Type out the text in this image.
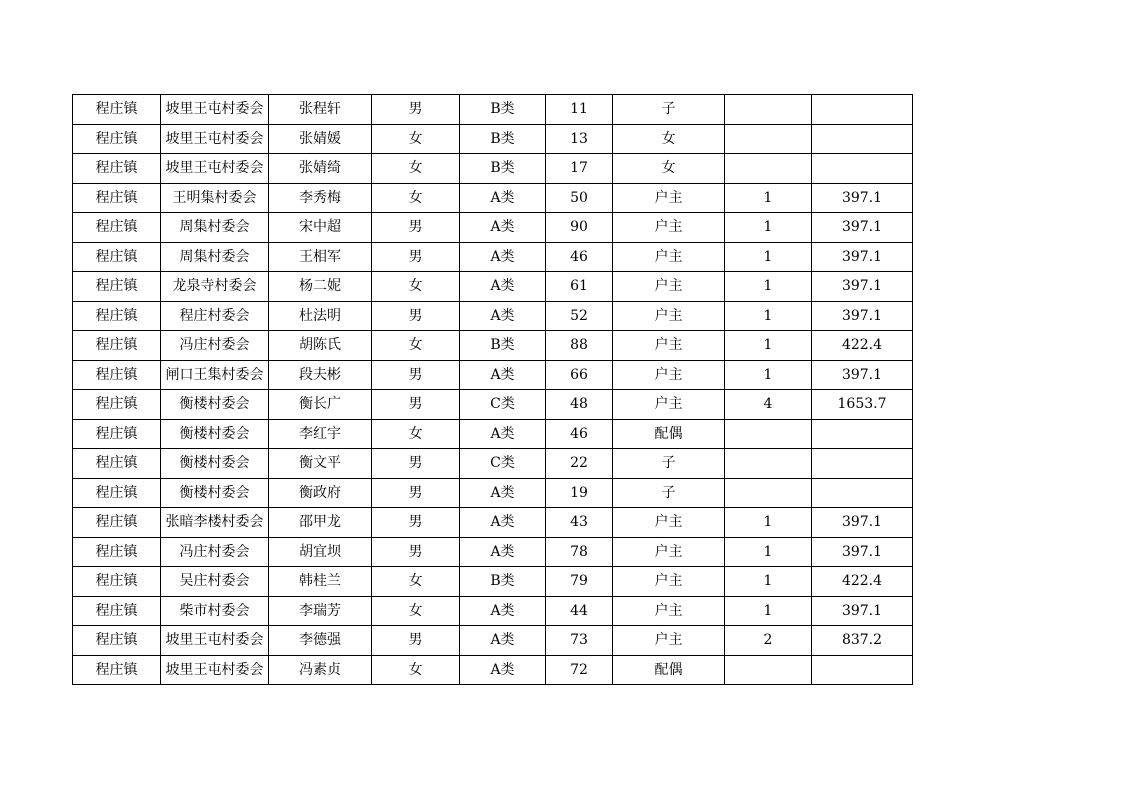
程庄镇	坡里王屯村委会	张程轩	男	B类	11	子		
程庄镇	坡里王屯村委会	张婧媛	女	B类	13	女		
程庄镇	坡里王屯村委会	张婧绮	女	B类	17	女		
程庄镇	王明集村委会	李秀梅	女	A类	50	户主	1	397.1
程庄镇	周集村委会	宋中超	男	A类	90	户主	1	397.1
程庄镇	周集村委会	王相军	男	A类	46	户主	1	397.1
程庄镇	龙泉寺村委会	杨二妮	女	A类	61	户主	1	397.1
程庄镇	程庄村委会	杜法明	男	A类	52	户主	1	397.1
程庄镇	冯庄村委会	胡陈氏	女	B类	88	户主	1	422.4
程庄镇	闸口王集村委会	段夫彬	男	A类	66	户主	1	397.1
程庄镇	衡楼村委会	衡长广	男	C类	48	户主	4	1653.7
程庄镇	衡楼村委会	李红宇	女	A类	46	配偶		
程庄镇	衡楼村委会	衡文平	男	C类	22	子		
程庄镇	衡楼村委会	衡政府	男	A类	19	子		
程庄镇	张暗李楼村委会	邵甲龙	男	A类	43	户主	1	397.1
程庄镇	冯庄村委会	胡宜坝	男	A类	78	户主	1	397.1
程庄镇	吴庄村委会	韩桂兰	女	B类	79	户主	1	422.4
程庄镇	柴市村委会	李瑞芳	女	A类	44	户主	1	397.1
程庄镇	坡里王屯村委会	李德强	男	A类	73	户主	2	837.2
程庄镇	坡里王屯村委会	冯素贞	女	A类	72	配偶		
